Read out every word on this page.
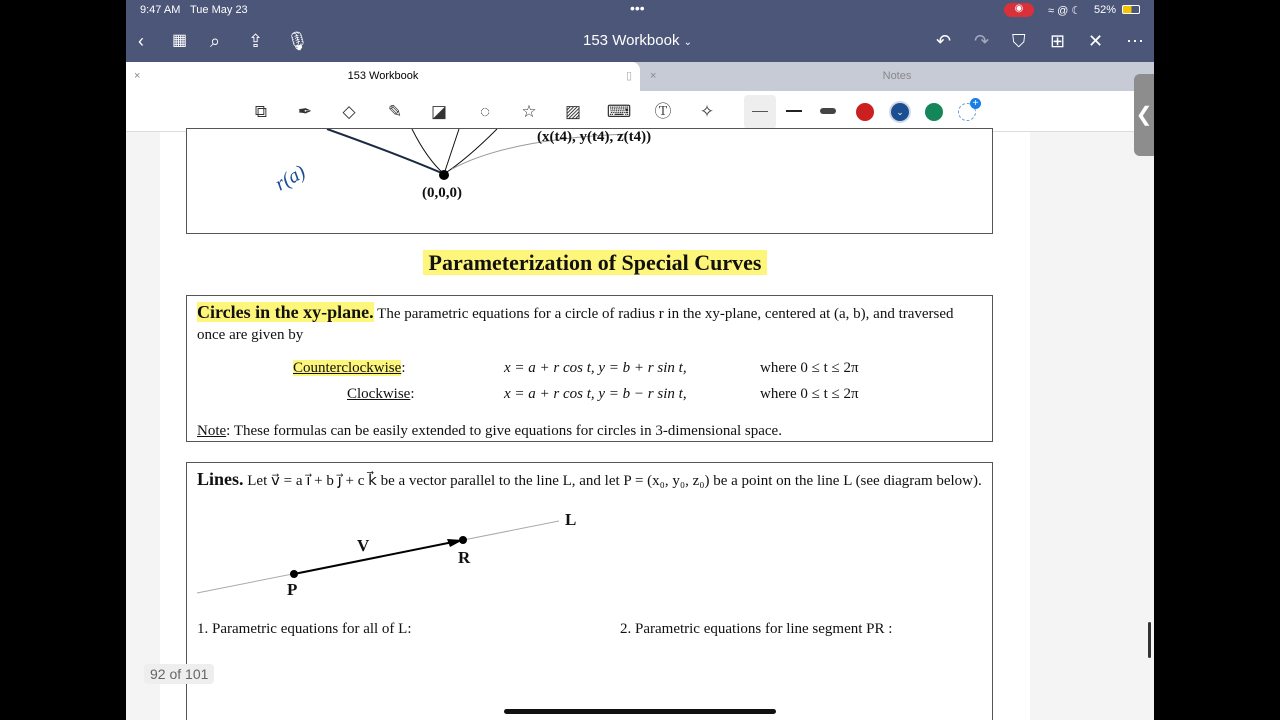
9:47 AM Tue May 23	•••	◉	≈ @ ☾ 52%
‹ ▦ ⌕ ⇪ 🎙	153 Workbook ⌄	↶ ↷ ⛉ ⊞ ✕ ⋯
×	153 Workbook	▯ ×	Notes
⧉	✒	◇	✎	◪	◌	☆	▨ ⌨ Ⓣ	✧	⌄
+
(x(t4), y(t4), z(t4))
(0,0,0)
r(a)
Parameterization of Special Curves
Circles in the xy-plane. The parametric equations for a circle of radius r in the xy-plane, centered at (a, b), and traversed once are given by
Counterclockwise:	x = a + r cos t, y = b + r sin t,	where 0 ≤ t ≤ 2π
Clockwise:	x = a + r cos t, y = b − r sin t,	where 0 ≤ t ≤ 2π
Note: These formulas can be easily extended to give equations for circles in 3-dimensional space.
Lines. Let v⃗ = a i⃗ + b j⃗ + c k⃗ be a vector parallel to the line L, and let P = (x₀, y₀, z₀) be a point on the line L (see diagram below).
L
V⃗
P
R
1. Parametric equations for all of L:	2. Parametric equations for line segment PR :
92 of 101
❮
